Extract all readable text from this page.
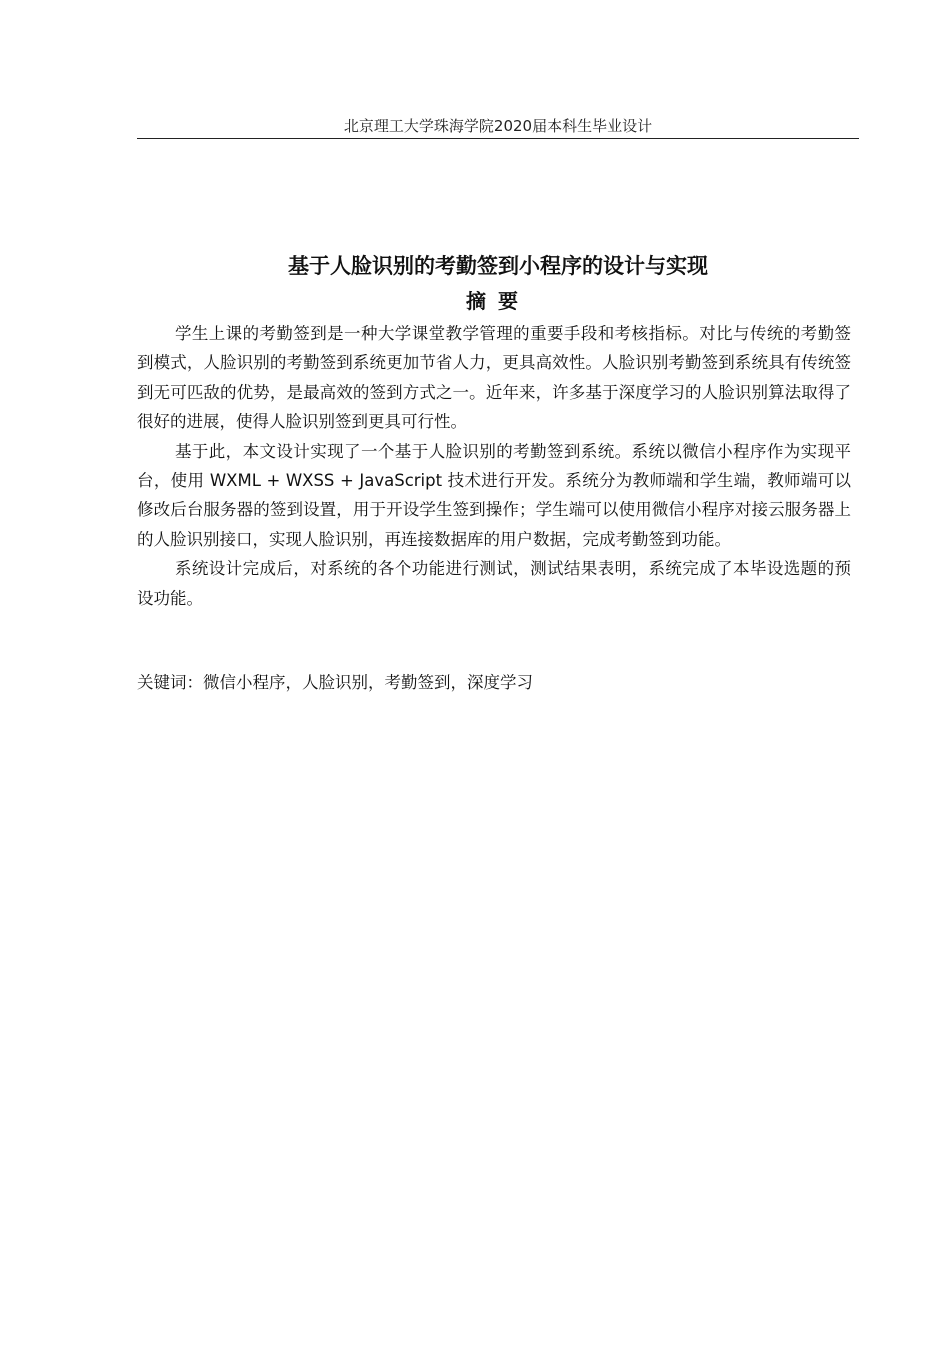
北京理工大学珠海学院2020届本科生毕业设计
基于人脸识别的考勤签到小程序的设计与实现
摘要

学生上课的考勤签到是一种大学课堂教学管理的重要手段和考核指标。对比与传统的考勤签到模式，人脸识别的考勤签到系统更加节省人力，更具高效性。人脸识别考勤签到系统具有传统签到无可匹敌的优势，是最高效的签到方式之一。近年来，许多基于深度学习的人脸识别算法取得了很好的进展，使得人脸识别签到更具可行性。

基于此，本文设计实现了一个基于人脸识别的考勤签到系统。系统以微信小程序作为实现平台，使用 WXML + WXSS + JavaScript 技术进行开发。系统分为教师端和学生端，教师端可以修改后台服务器的签到设置，用于开设学生签到操作；学生端可以使用微信小程序对接云服务器上的人脸识别接口，实现人脸识别，再连接数据库的用户数据，完成考勤签到功能。

系统设计完成后，对系统的各个功能进行测试，测试结果表明，系统完成了本毕设选题的预设功能。

关键词：微信小程序，人脸识别，考勤签到，深度学习
